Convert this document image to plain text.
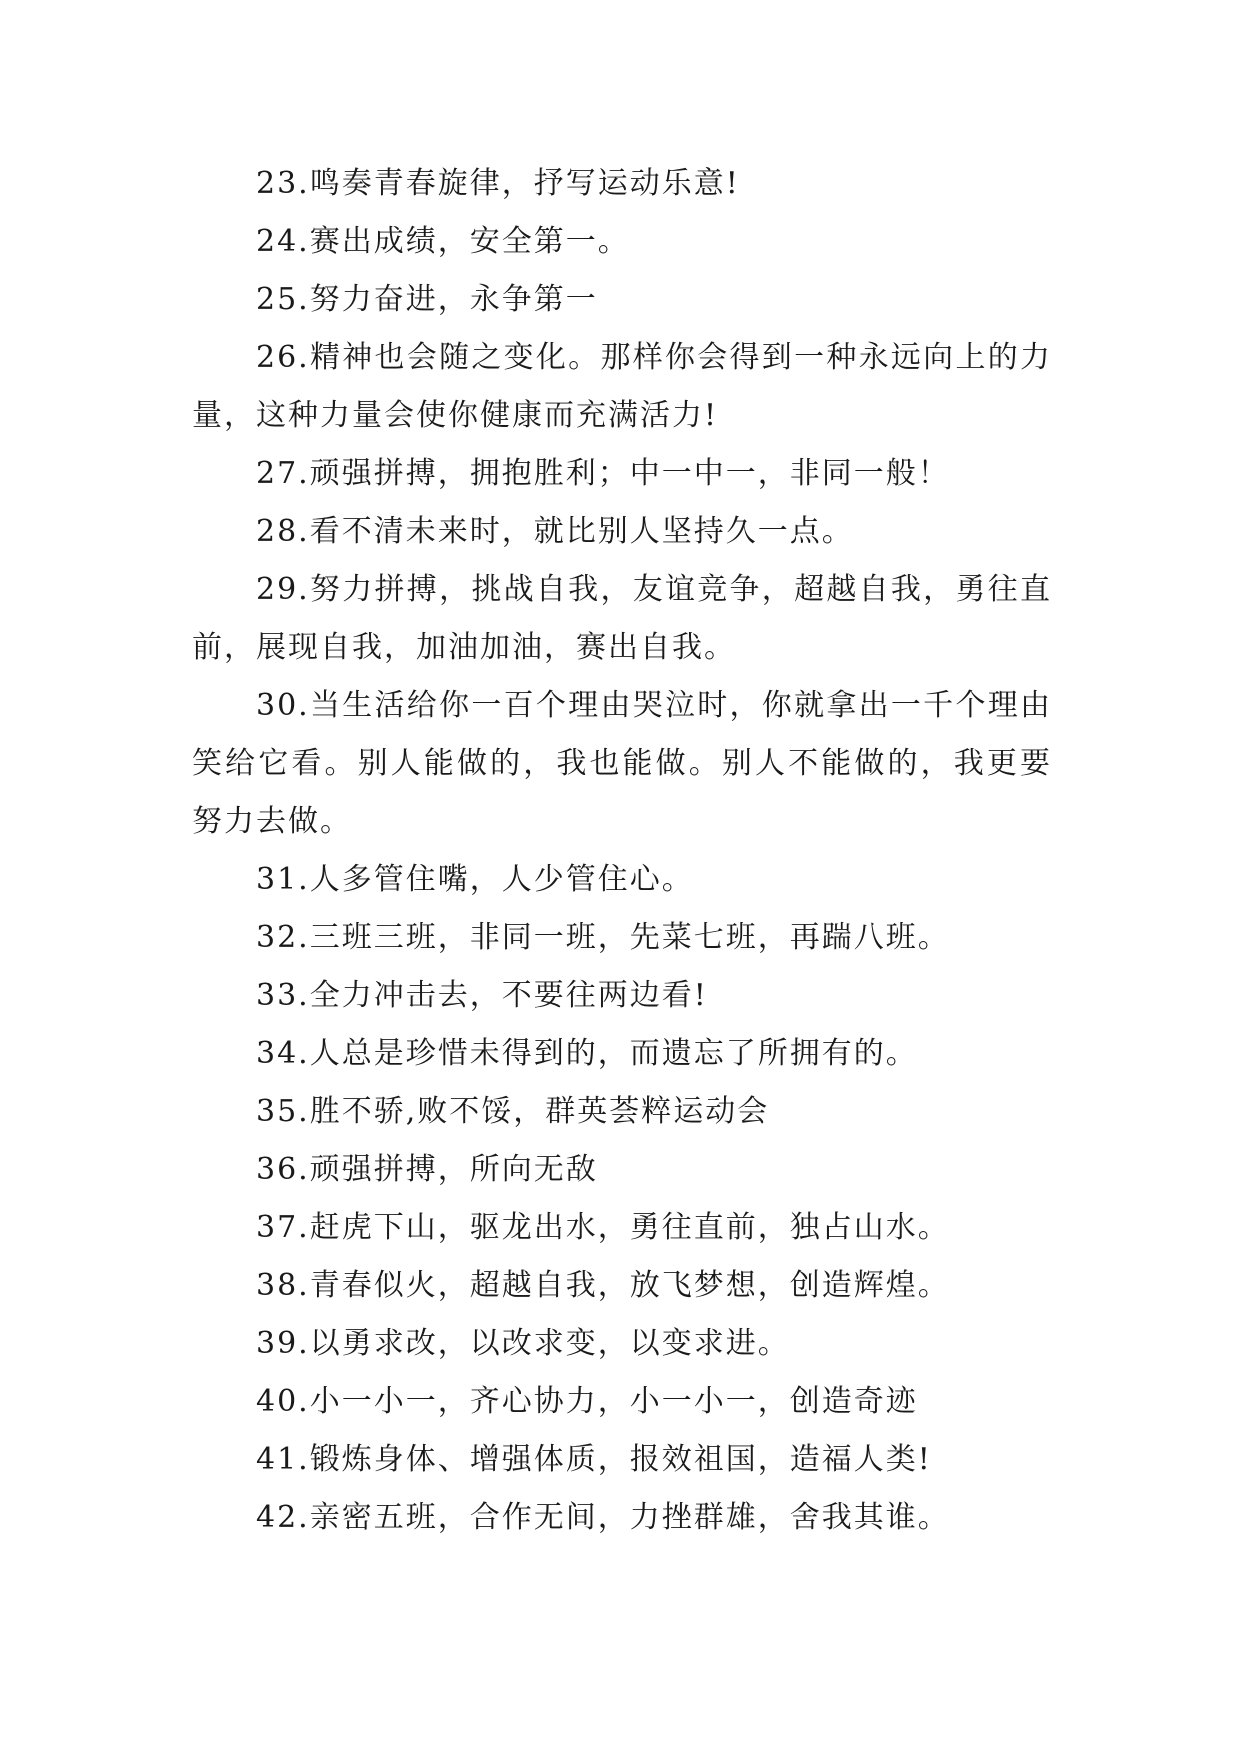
23.鸣奏青春旋律，抒写运动乐意!

24.赛出成绩，安全第一。

25.努力奋进，永争第一

26.精神也会随之变化。那样你会得到一种永远向上的力量，这种力量会使你健康而充满活力!

27.顽强拼搏，拥抱胜利；中一中一，非同一般！

28.看不清未来时，就比别人坚持久一点。

29.努力拼搏，挑战自我，友谊竞争，超越自我，勇往直前，展现自我，加油加油，赛出自我。

30.当生活给你一百个理由哭泣时，你就拿出一千个理由笑给它看。别人能做的，我也能做。别人不能做的，我更要努力去做。

31.人多管住嘴，人少管住心。

32.三班三班，非同一班，先菜七班，再踹八班。

33.全力冲击去，不要往两边看!

34.人总是珍惜未得到的，而遗忘了所拥有的。

35.胜不骄,败不馁，群英荟粹运动会

36.顽强拼搏，所向无敌

37.赶虎下山，驱龙出水，勇往直前，独占山水。

38.青春似火，超越自我，放飞梦想，创造辉煌。

39.以勇求改，以改求变，以变求进。

40.小一小一，齐心协力，小一小一，创造奇迹

41.锻炼身体、增强体质，报效祖国，造福人类!

42.亲密五班，合作无间，力挫群雄，舍我其谁。
